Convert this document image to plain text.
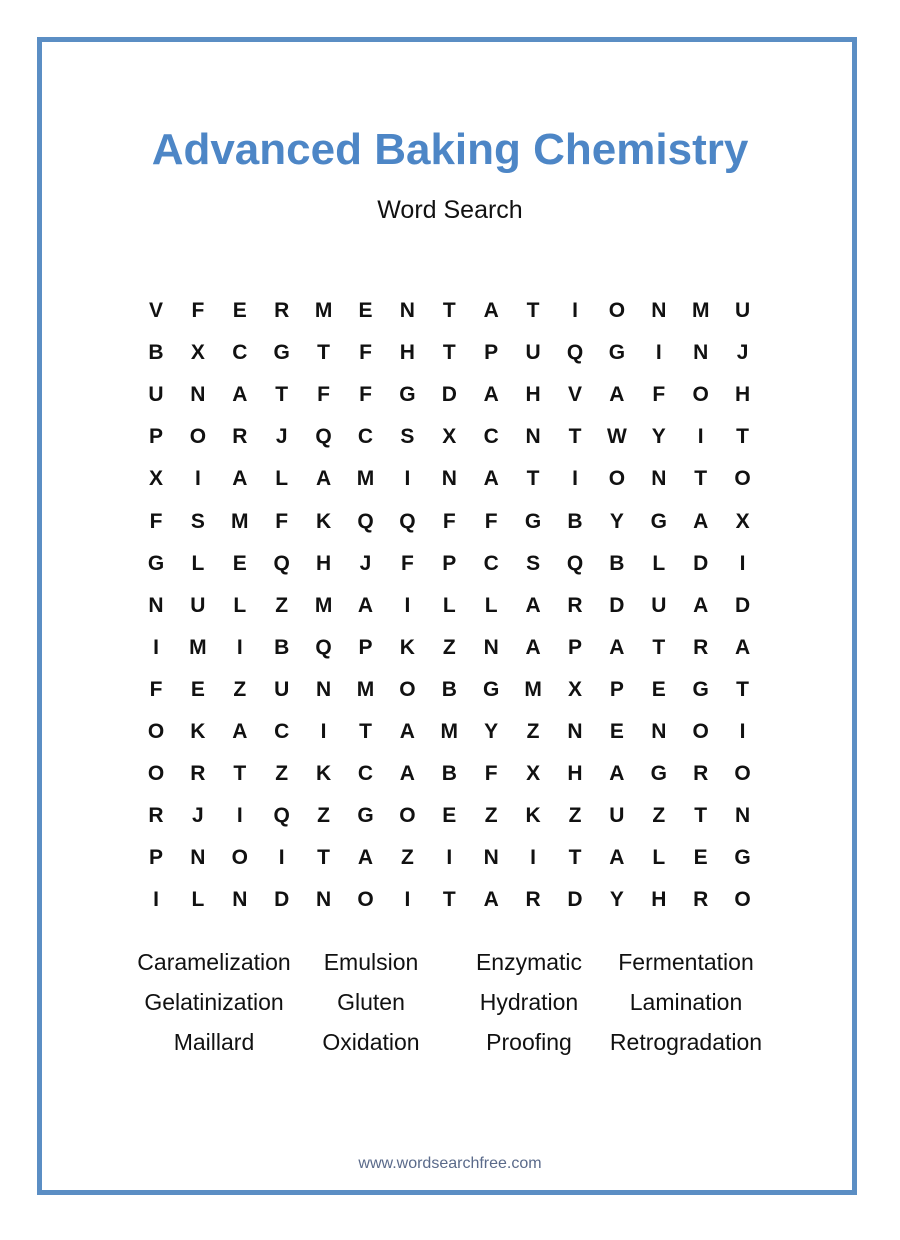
Advanced Baking Chemistry
Word Search
V	F	E	R	M	E	N	T	A	T	I	O	N	M	U
B	X	C	G	T	F	H	T	P	U	Q	G	I	N	J
U	N	A	T	F	F	G	D	A	H	V	A	F	O	H
P	O	R	J	Q	C	S	X	C	N	T	W	Y	I	T
X	I	A	L	A	M	I	N	A	T	I	O	N	T	O
F	S	M	F	K	Q	Q	F	F	G	B	Y	G	A	X
G	L	E	Q	H	J	F	P	C	S	Q	B	L	D	I
N	U	L	Z	M	A	I	L	L	A	R	D	U	A	D
I	M	I	B	Q	P	K	Z	N	A	P	A	T	R	A
F	E	Z	U	N	M	O	B	G	M	X	P	E	G	T
O	K	A	C	I	T	A	M	Y	Z	N	E	N	O	I
O	R	T	Z	K	C	A	B	F	X	H	A	G	R	O
R	J	I	Q	Z	G	O	E	Z	K	Z	U	Z	T	N
P	N	O	I	T	A	Z	I	N	I	T	A	L	E	G
I	L	N	D	N	O	I	T	A	R	D	Y	H	R	O
Caramelization	Emulsion	Enzymatic	Fermentation
Gelatinization	Gluten	Hydration	Lamination
Maillard	Oxidation	Proofing	Retrogradation
www.wordsearchfree.com
